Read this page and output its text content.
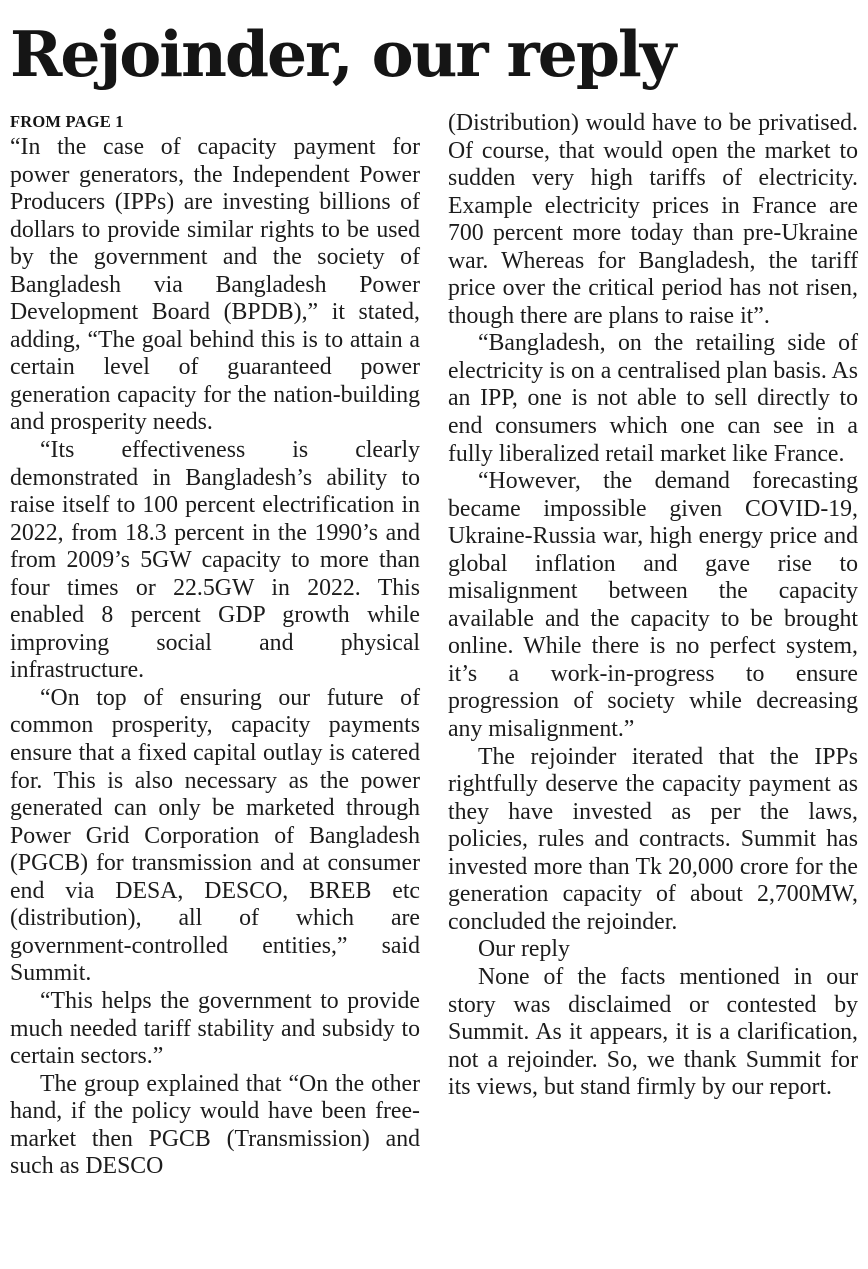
Rejoinder, our reply
FROM PAGE 1

“In the case of capacity payment for power generators, the Independent Power Producers (IPPs) are investing billions of dollars to provide similar rights to be used by the government and the society of Bangladesh via Bangladesh Power Development Board (BPDB),” it stated, adding, “The goal behind this is to attain a certain level of guaranteed power generation capacity for the nation-building and prosperity needs.

“Its effectiveness is clearly demonstrated in Bangladesh’s ability to raise itself to 100 percent electrification in 2022, from 18.3 percent in the 1990’s and from 2009’s 5GW capacity to more than four times or 22.5GW in 2022. This enabled 8 percent GDP growth while improving social and physical infrastructure.

“On top of ensuring our future of common prosperity, capacity payments ensure that a fixed capital outlay is catered for. This is also necessary as the power generated can only be marketed through Power Grid Corporation of Bangladesh (PGCB) for transmission and at consumer end via DESA, DESCO, BREB etc (distribution), all of which are government-controlled entities,” said Summit.

“This helps the government to provide much needed tariff stability and subsidy to certain sectors.”

The group explained that “On the other hand, if the policy would have been free-market then PGCB (Transmission) and such as DESCO

(Distribution) would have to be privatised. Of course, that would open the market to sudden very high tariffs of electricity. Example electricity prices in France are 700 percent more today than pre-Ukraine war. Whereas for Bangladesh, the tariff price over the critical period has not risen, though there are plans to raise it”.

“Bangladesh, on the retailing side of electricity is on a centralised plan basis. As an IPP, one is not able to sell directly to end consumers which one can see in a fully liberalized retail market like France.

“However, the demand forecasting became impossible given COVID-19, Ukraine-Russia war, high energy price and global inflation and gave rise to misalignment between the capacity available and the capacity to be brought online. While there is no perfect system, it’s a work-in-progress to ensure progression of society while decreasing any misalignment.”

The rejoinder iterated that the IPPs rightfully deserve the capacity payment as they have invested as per the laws, policies, rules and contracts. Summit has invested more than Tk 20,000 crore for the generation capacity of about 2,700MW, concluded the rejoinder.

Our reply

None of the facts mentioned in our story was disclaimed or contested by Summit. As it appears, it is a clarification, not a rejoinder. So, we thank Summit for its views, but stand firmly by our report.
